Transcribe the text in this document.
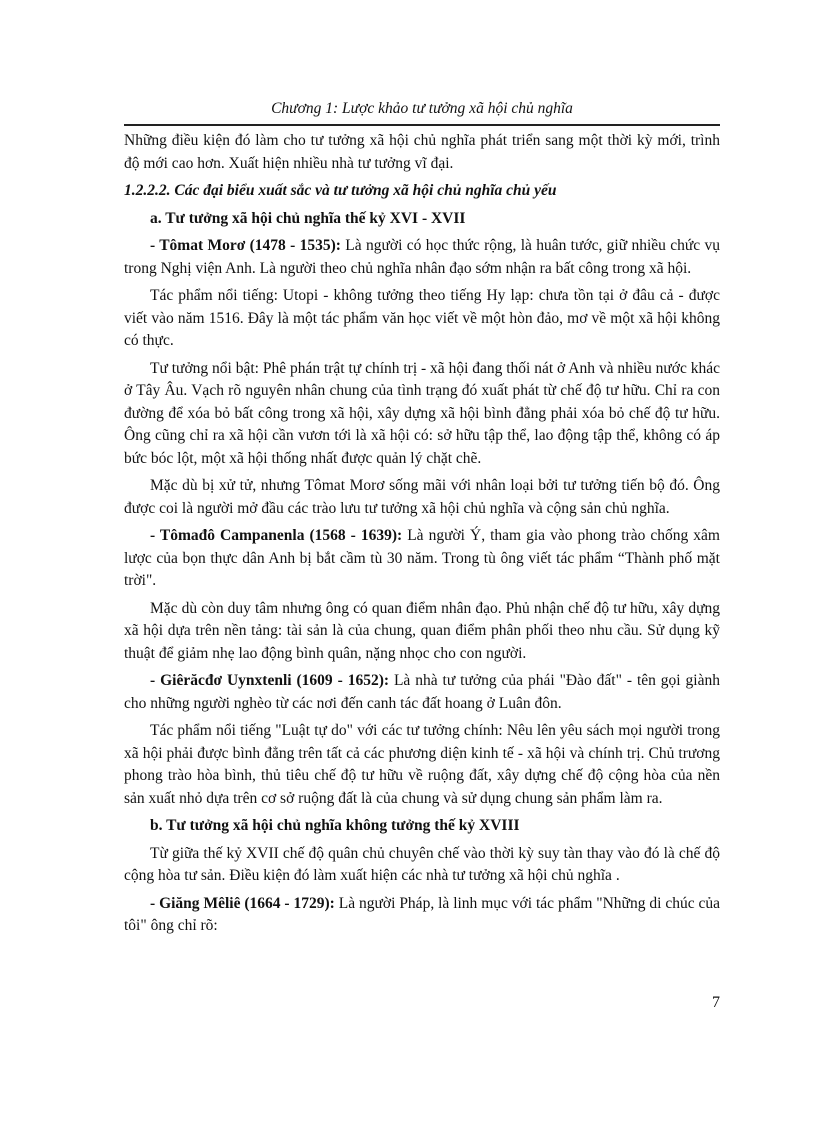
Chương 1: Lược khảo tư tưởng xã hội chủ nghĩa

Những điều kiện đó làm cho tư tưởng xã hội chủ nghĩa phát triển sang một thời kỳ mới, trình độ mới cao hơn. Xuất hiện nhiều nhà tư tưởng vĩ đại.

1.2.2.2. Các đại biểu xuất sắc và tư tưởng xã hội chủ nghĩa chủ yếu

a. Tư tưởng xã hội chủ nghĩa thế kỷ XVI - XVII

- Tômat Morơ (1478 - 1535): Là người có học thức rộng, là huân tước, giữ nhiều chức vụ trong Nghị viện Anh. Là người theo chủ nghĩa nhân đạo sớm nhận ra bất công trong xã hội.

Tác phẩm nổi tiếng: Utopi - không tưởng theo tiếng Hy lạp: chưa tồn tại ở đâu cả - được viết vào năm 1516. Đây là một tác phẩm văn học viết về một hòn đảo, mơ về một xã hội không có thực.

Tư tưởng nổi bật: Phê phán trật tự chính trị - xã hội đang thối nát ở Anh và nhiều nước khác ở Tây Âu. Vạch rõ nguyên nhân chung của tình trạng đó xuất phát từ chế độ tư hữu. Chỉ ra con đường để xóa bỏ bất công trong xã hội, xây dựng xã hội bình đẳng phải xóa bỏ chế độ tư hữu. Ông cũng chỉ ra xã hội cần vươn tới là xã hội có: sở hữu tập thể, lao động tập thể, không có áp bức bóc lột, một xã hội thống nhất được quản lý chặt chẽ.

Mặc dù bị xử tử, nhưng Tômat Morơ sống mãi với nhân loại bởi tư tưởng tiến bộ đó. Ông được coi là người mở đầu các trào lưu tư tưởng xã hội chủ nghĩa và cộng sản chủ nghĩa.

- Tômađô Campanenla (1568 - 1639): Là người Ý, tham gia vào phong trào chống xâm lược của bọn thực dân Anh bị bắt cầm tù 30 năm. Trong tù ông viết tác phẩm “Thành phố mặt trời".

Mặc dù còn duy tâm nhưng ông có quan điểm nhân đạo. Phủ nhận chế độ tư hữu, xây dựng xã hội dựa trên nền tảng: tài sản là của chung, quan điểm phân phối theo nhu cầu. Sử dụng kỹ thuật để giảm nhẹ lao động bình quân, nặng nhọc cho con người.

- Giêrăcđơ Uynxtenli (1609 - 1652): Là nhà tư tưởng của phái "Đào đất" - tên gọi giành cho những người nghèo từ các nơi đến canh tác đất hoang ở Luân đôn.

Tác phẩm nổi tiếng "Luật tự do" với các tư tưởng chính: Nêu lên yêu sách mọi người trong xã hội phải được bình đẳng trên tất cả các phương diện kinh tế - xã hội và chính trị. Chủ trương phong trào hòa bình, thủ tiêu chế độ tư hữu về ruộng đất, xây dựng chế độ cộng hòa của nền sản xuất nhỏ dựa trên cơ sở ruộng đất là của chung và sử dụng chung sản phẩm làm ra.

b. Tư tưởng xã hội chủ nghĩa không tưởng thế kỷ XVIII

Từ giữa thế kỷ XVII chế độ quân chủ chuyên chế vào thời kỳ suy tàn thay vào đó là chế độ cộng hòa tư sản. Điều kiện đó làm xuất hiện các nhà tư tưởng xã hội chủ nghĩa .

- Giăng Mêliê (1664 - 1729): Là người Pháp, là linh mục với tác phẩm "Những di chúc của tôi" ông chỉ rõ:

7
